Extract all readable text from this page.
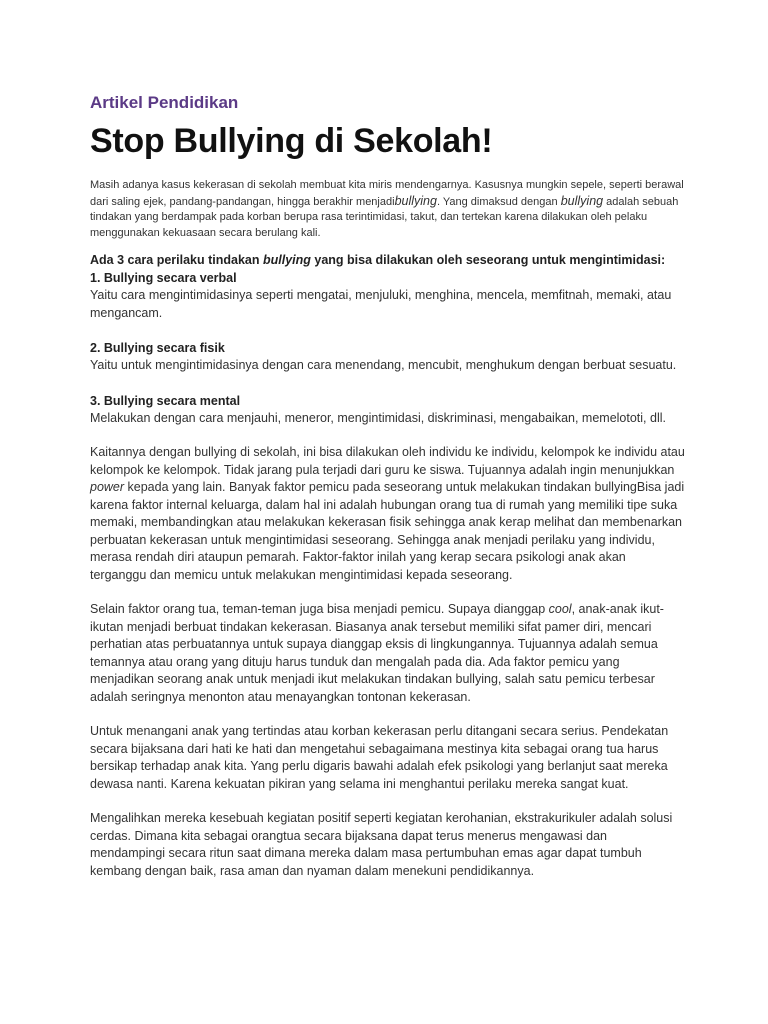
Artikel Pendidikan
Stop Bullying di Sekolah!

Masih adanya kasus kekerasan di sekolah membuat kita miris mendengarnya. Kasusnya mungkin sepele, seperti berawal dari saling ejek, pandang-pandangan, hingga berakhir menjadibullying. Yang dimaksud dengan bullying adalah sebuah tindakan yang berdampak pada korban berupa rasa terintimidasi, takut, dan tertekan karena dilakukan oleh pelaku menggunakan kekuasaan secara berulang kali.

Ada 3 cara perilaku tindakan bullying yang bisa dilakukan oleh seseorang untuk mengintimidasi:

1. Bullying secara verbal

Yaitu cara mengintimidasinya seperti mengatai, menjuluki, menghina, mencela, memfitnah, memaki, atau mengancam.

2. Bullying secara fisik

Yaitu untuk mengintimidasinya dengan cara menendang, mencubit, menghukum dengan berbuat sesuatu.

3. Bullying secara mental

Melakukan dengan cara menjauhi, meneror, mengintimidasi, diskriminasi, mengabaikan, memelototi, dll.

Kaitannya dengan bullying di sekolah, ini bisa dilakukan oleh individu ke individu, kelompok ke individu atau kelompok ke kelompok. Tidak jarang pula terjadi dari guru ke siswa. Tujuannya adalah ingin menunjukkan power kepada yang lain. Banyak faktor pemicu pada seseorang untuk melakukan tindakan bullyingBisa jadi karena faktor internal keluarga, dalam hal ini adalah hubungan orang tua di rumah yang memiliki tipe suka memaki, membandingkan atau melakukan kekerasan fisik sehingga anak kerap melihat dan membenarkan perbuatan kekerasan untuk mengintimidasi seseorang. Sehingga anak menjadi perilaku yang individu, merasa rendah diri ataupun pemarah. Faktor-faktor inilah yang kerap secara psikologi anak akan terganggu dan memicu untuk melakukan mengintimidasi kepada seseorang.

Selain faktor orang tua, teman-teman juga bisa menjadi pemicu. Supaya dianggap cool, anak-anak ikut-ikutan menjadi berbuat tindakan kekerasan. Biasanya anak tersebut memiliki sifat pamer diri, mencari perhatian atas perbuatannya untuk supaya dianggap eksis di lingkungannya. Tujuannya adalah semua temannya atau orang yang dituju harus tunduk dan mengalah pada dia. Ada faktor pemicu yang menjadikan seorang anak untuk menjadi ikut melakukan tindakan bullying, salah satu pemicu terbesar adalah seringnya menonton atau menayangkan tontonan kekerasan.

Untuk menangani anak yang tertindas atau korban kekerasan perlu ditangani secara serius. Pendekatan secara bijaksana dari hati ke hati dan mengetahui sebagaimana mestinya kita sebagai orang tua harus bersikap terhadap anak kita. Yang perlu digaris bawahi adalah efek psikologi yang berlanjut saat mereka dewasa nanti. Karena kekuatan pikiran yang selama ini menghantui perilaku mereka sangat kuat.

Mengalihkan mereka kesebuah kegiatan positif seperti kegiatan kerohanian, ekstrakurikuler adalah solusi cerdas. Dimana kita sebagai orangtua secara bijaksana dapat terus menerus mengawasi dan mendampingi secara ritun saat dimana mereka dalam masa pertumbuhan emas agar dapat tumbuh kembang dengan baik, rasa aman dan nyaman dalam menekuni pendidikannya.
